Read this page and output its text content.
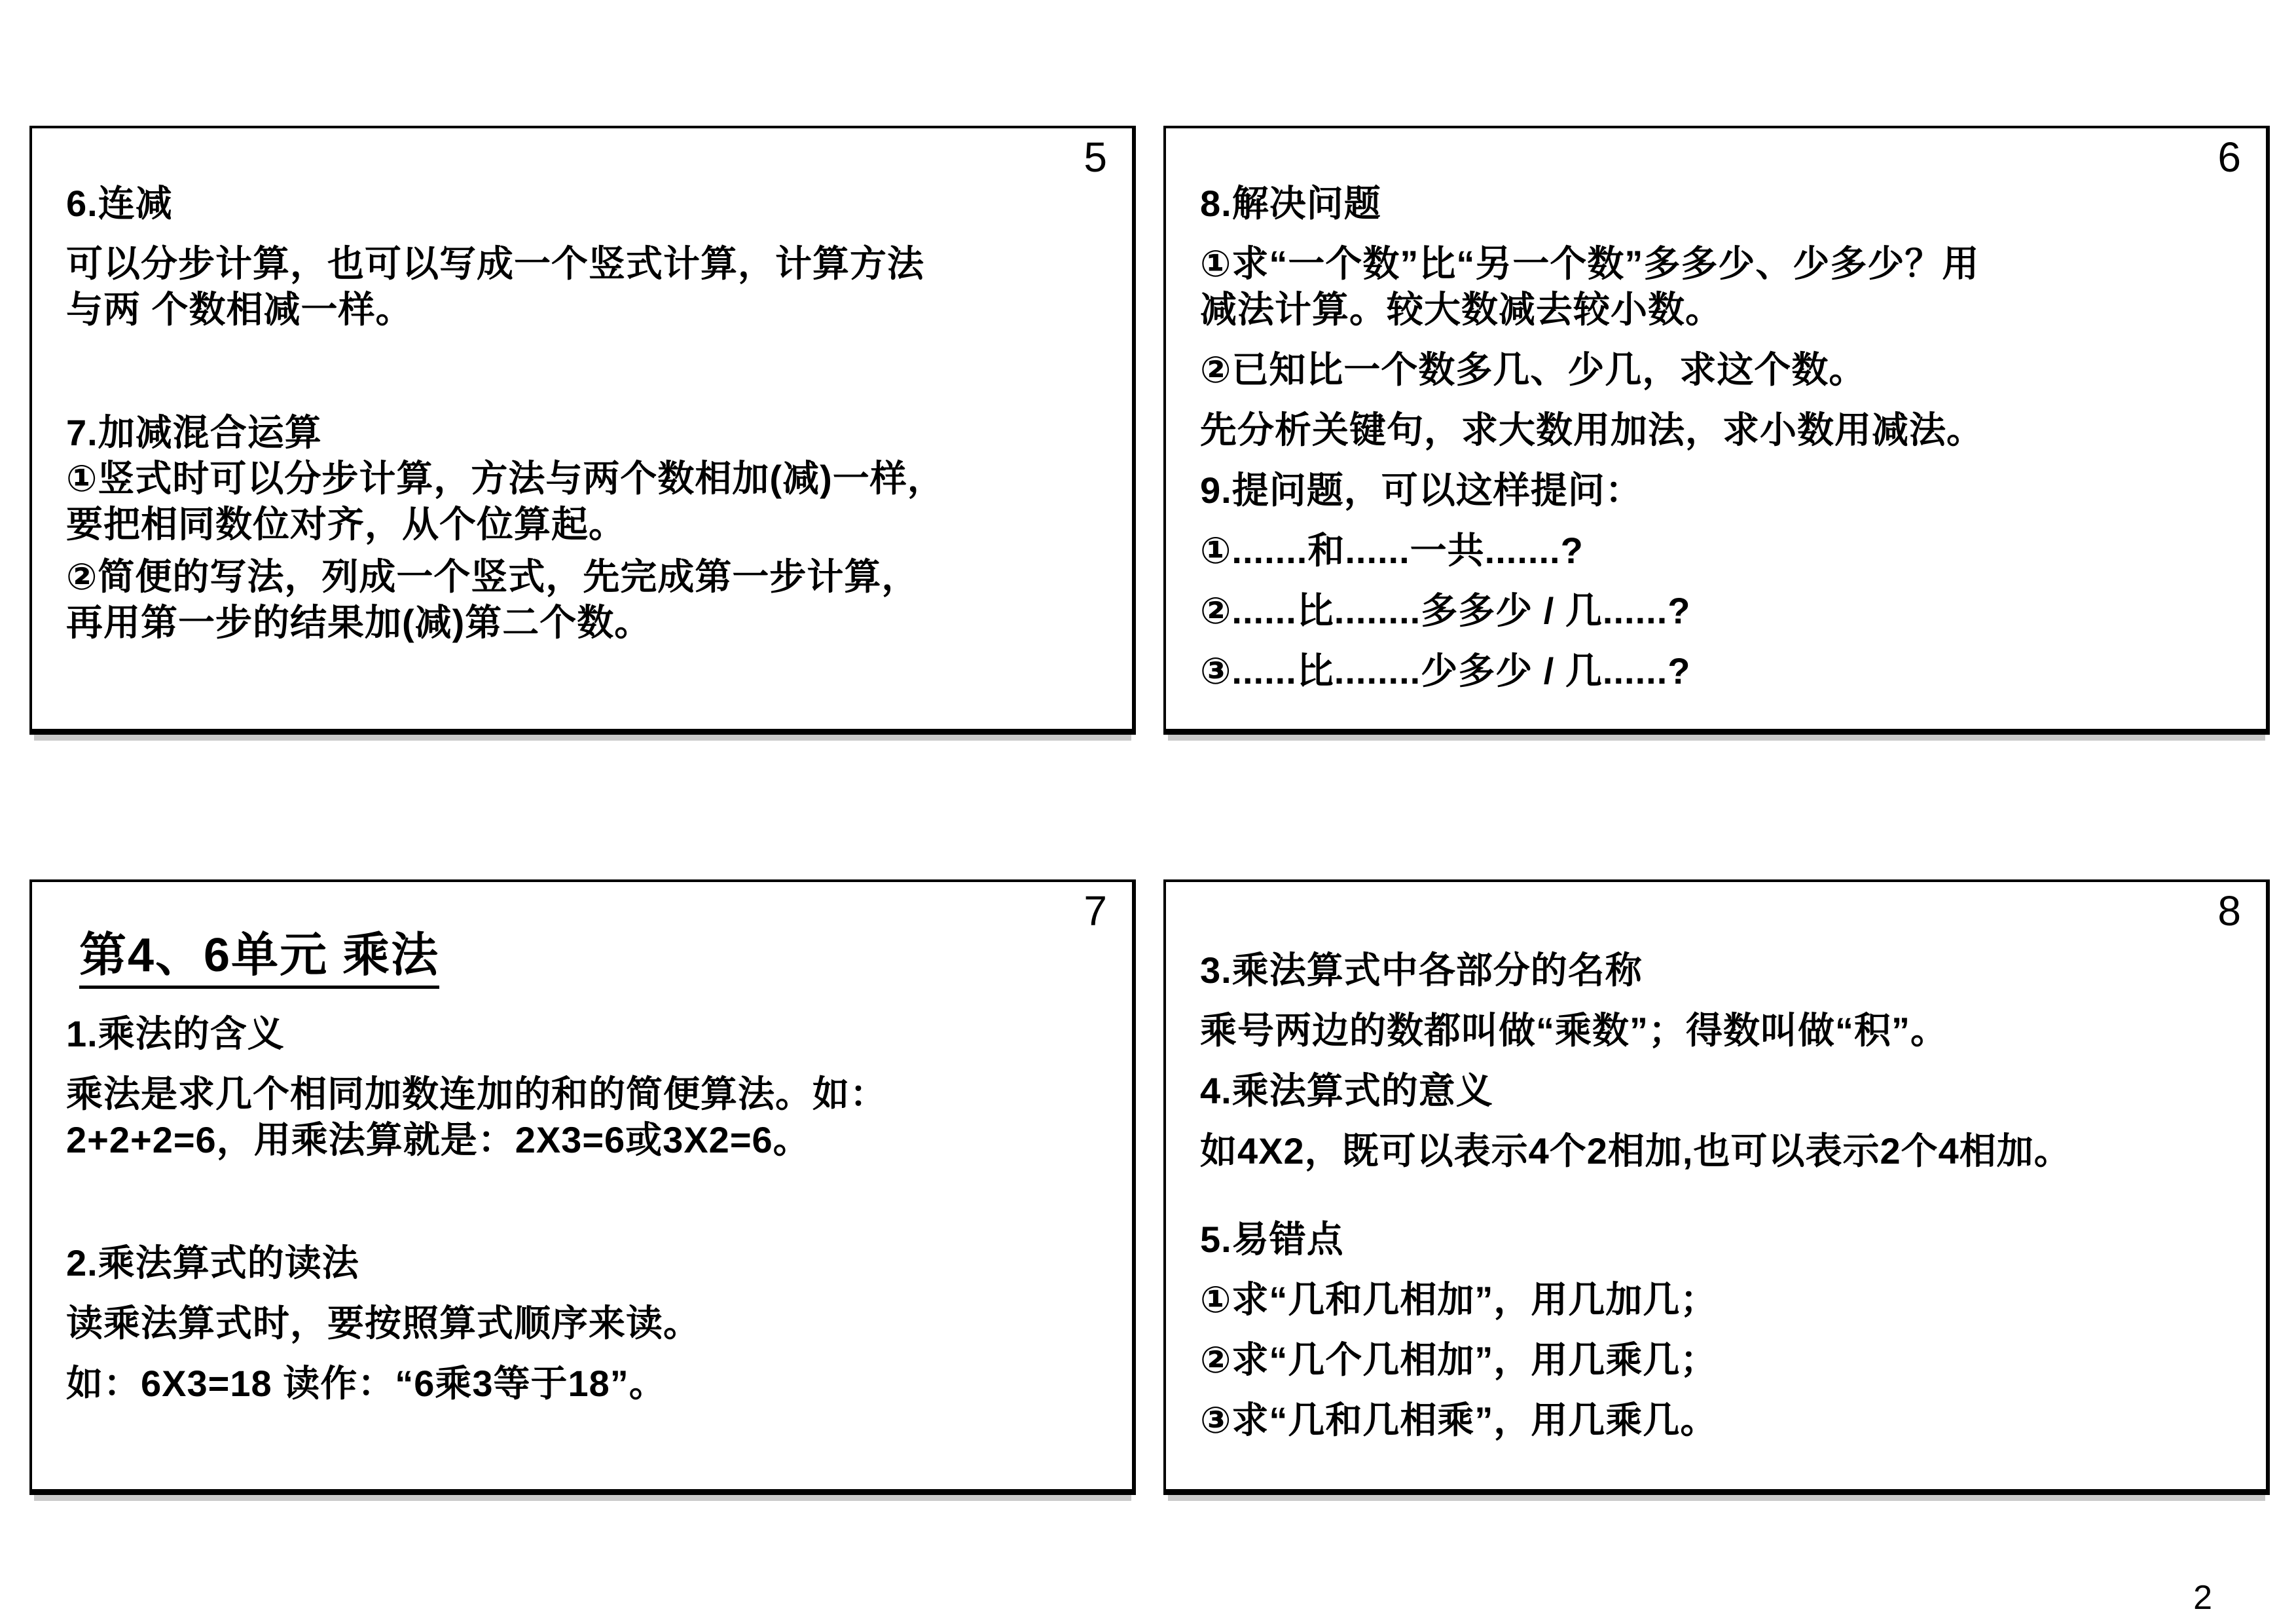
5
6.连减
可以分步计算，也可以写成一个竖式计算，计算方法
与两 个数相减一样。
7.加减混合运算
①竖式时可以分步计算，方法与两个数相加(减)一样，
要把相同数位对齐，从个位算起。
②简便的写法，列成一个竖式，先完成第一步计算，
再用第一步的结果加(减)第二个数。
6
8.解决问题
①求“一个数”比“另一个数”多多少、少多少？用
减法计算。较大数减去较小数。
②已知比一个数多几、少几，求这个数。
先分析关键句，求大数用加法，求小数用减法。
9.提问题，可以这样提问：
①.......和......一共.......?
②......比........多多少 / 几......?
③......比........少多少 / 几......?
7
第4、6单元 乘法
1.乘法的含义
乘法是求几个相同加数连加的和的简便算法。如：
2+2+2=6，用乘法算就是：2X3=6或3X2=6。
2.乘法算式的读法
读乘法算式时，要按照算式顺序来读。
如：6X3=18 读作：“6乘3等于18”。
8
3.乘法算式中各部分的名称
乘号两边的数都叫做“乘数”；得数叫做“积”。
4.乘法算式的意义
如4X2，既可以表示4个2相加,也可以表示2个4相加。
5.易错点
①求“几和几相加”，用几加几；
②求“几个几相加”，用几乘几；
③求“几和几相乘”，用几乘几。
2
